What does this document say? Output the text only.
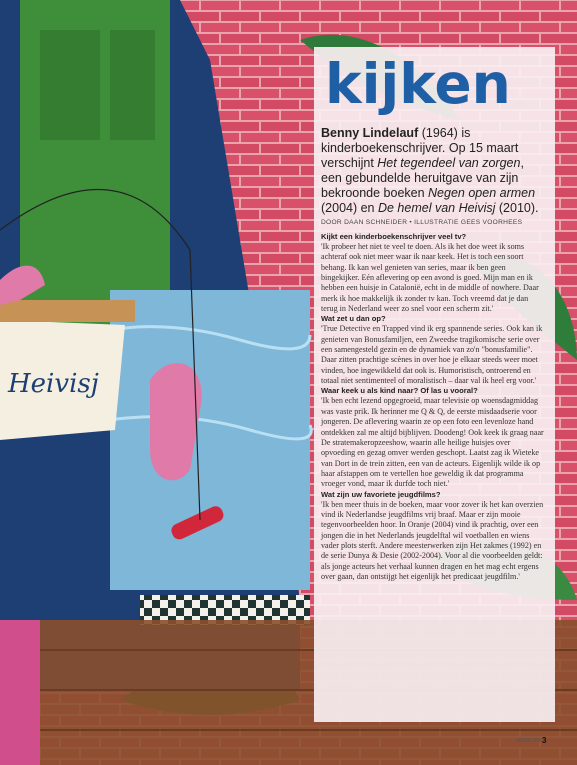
Heivisj
kijken

Benny Lindelauf (1964) is kinderboekenschrijver. Op 15 maart verschijnt Het tegendeel van zorgen, een gebundelde heruitgave van zijn bekroonde boeken Negen open armen (2004) en De hemel van Heivisj (2010).

DOOR DAAN SCHNEIDER • ILLUSTRATIE GEES VOORHEES

Kijkt een kinderboekenschrijver veel tv?

'Ik probeer het niet te veel te doen. Als ik het doe weet ik soms achteraf ook niet meer waar ik naar keek. Het is toch een soort behang. Ik kan wel genieten van series, maar ik ben geen bingekijker. Eén aflevering op een avond is goed. Mijn man en ik hebben een huisje in Catalonië, echt in de middle of nowhere. Daar merk ik hoe makkelijk ik zonder tv kan. Toch vreemd dat je dan terug in Nederland weer zo snel voor een scherm zit.'

Wat zet u dan op?

'True Detective en Trapped vind ik erg spannende series. Ook kan ik genieten van Bonusfamiljen, een Zweedse tragikomische serie over een samengesteld gezin en de dynamiek van zo'n "bonusfamilie". Daar zitten prachtige scènes in over hoe je elkaar steeds weer moet vinden, hoe ingewikkeld dat ook is. Humoristisch, ontroerend en totaal niet sentimenteel of moralistisch – daar val ik heel erg voor.'

Waar keek u als kind naar? Of las u vooral?

'Ik ben echt lezend opgegroeid, maar televisie op woensdagmiddag was vaste prik. Ik herinner me Q & Q, de eerste misdaadserie voor jongeren. De aflevering waarin ze op een foto een levenloze hand ontdekken zal me altijd bijblijven. Doodeng! Ook keek ik graag naar De stratemakeropzeeshow, waarin alle heilige huisjes over opvoeding en gezag omver werden geschopt. Laatst zag ik Wieteke van Dort in de trein zitten, een van de acteurs. Eigenlijk wilde ik op haar afstappen om te vertellen hoe geweldig ik dat programma vroeger vond, maar ik durfde toch niet.'

Wat zijn uw favoriete jeugdfilms?

'Ik ben meer thuis in de boeken, maar voor zover ik het kan overzien vind ik Nederlandse jeugdfilms vrij braaf. Maar er zijn mooie tegenvoorbeelden hoor. In Oranje (2004) vind ik prachtig, over een jongen die in het Nederlands jeugdelftal wil voetballen en wiens vader plots sterft. Andere meesterwerken zijn Het zakmes (1992) en de serie Dunya & Desie (2002-2004). Voor al die voorbeelden geldt: als jonge acteurs het verhaal kunnen dragen en het mag echt ergens over gaan, dan ontstijgt het eigenlijk het predicaat jeugdfilm.'

MAGAZINE 3
